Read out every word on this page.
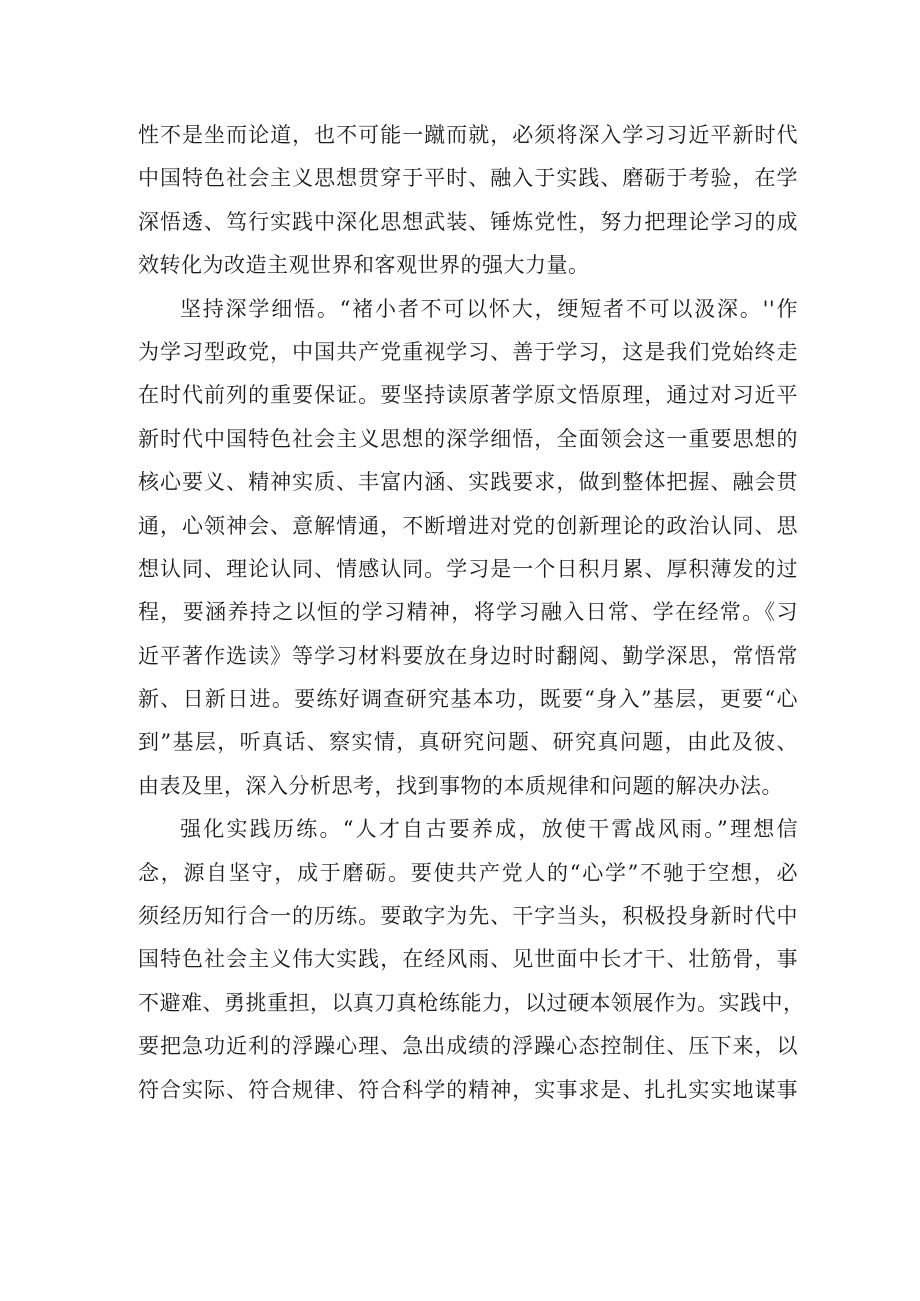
性不是坐而论道，也不可能一蹴而就，必须将深入学习习近平新时代
中国特色社会主义思想贯穿于平时、融入于实践、磨砺于考验，在学
深悟透、笃行实践中深化思想武装、锤炼党性，努力把理论学习的成
效转化为改造主观世界和客观世界的强大力量。
坚持深学细悟。“褚小者不可以怀大，绠短者不可以汲深。''作
为学习型政党，中国共产党重视学习、善于学习，这是我们党始终走
在时代前列的重要保证。要坚持读原著学原文悟原理，通过对习近平
新时代中国特色社会主义思想的深学细悟，全面领会这一重要思想的
核心要义、精神实质、丰富内涵、实践要求，做到整体把握、融会贯
通，心领神会、意解情通，不断增进对党的创新理论的政治认同、思
想认同、理论认同、情感认同。学习是一个日积月累、厚积薄发的过
程，要涵养持之以恒的学习精神，将学习融入日常、学在经常。《习
近平著作选读》等学习材料要放在身边时时翻阅、勤学深思，常悟常
新、日新日进。要练好调查研究基本功，既要“身入”基层，更要“心
到”基层，听真话、察实情，真研究问题、研究真问题，由此及彼、
由表及里，深入分析思考，找到事物的本质规律和问题的解决办法。
强化实践历练。“人才自古要养成，放使干霄战风雨。”理想信
念，源自坚守，成于磨砺。要使共产党人的“心学”不驰于空想，必
须经历知行合一的历练。要敢字为先、干字当头，积极投身新时代中
国特色社会主义伟大实践，在经风雨、见世面中长才干、壮筋骨，事
不避难、勇挑重担，以真刀真枪练能力，以过硬本领展作为。实践中，
要把急功近利的浮躁心理、急出成绩的浮躁心态控制住、压下来，以
符合实际、符合规律、符合科学的精神，实事求是、扎扎实实地谋事
